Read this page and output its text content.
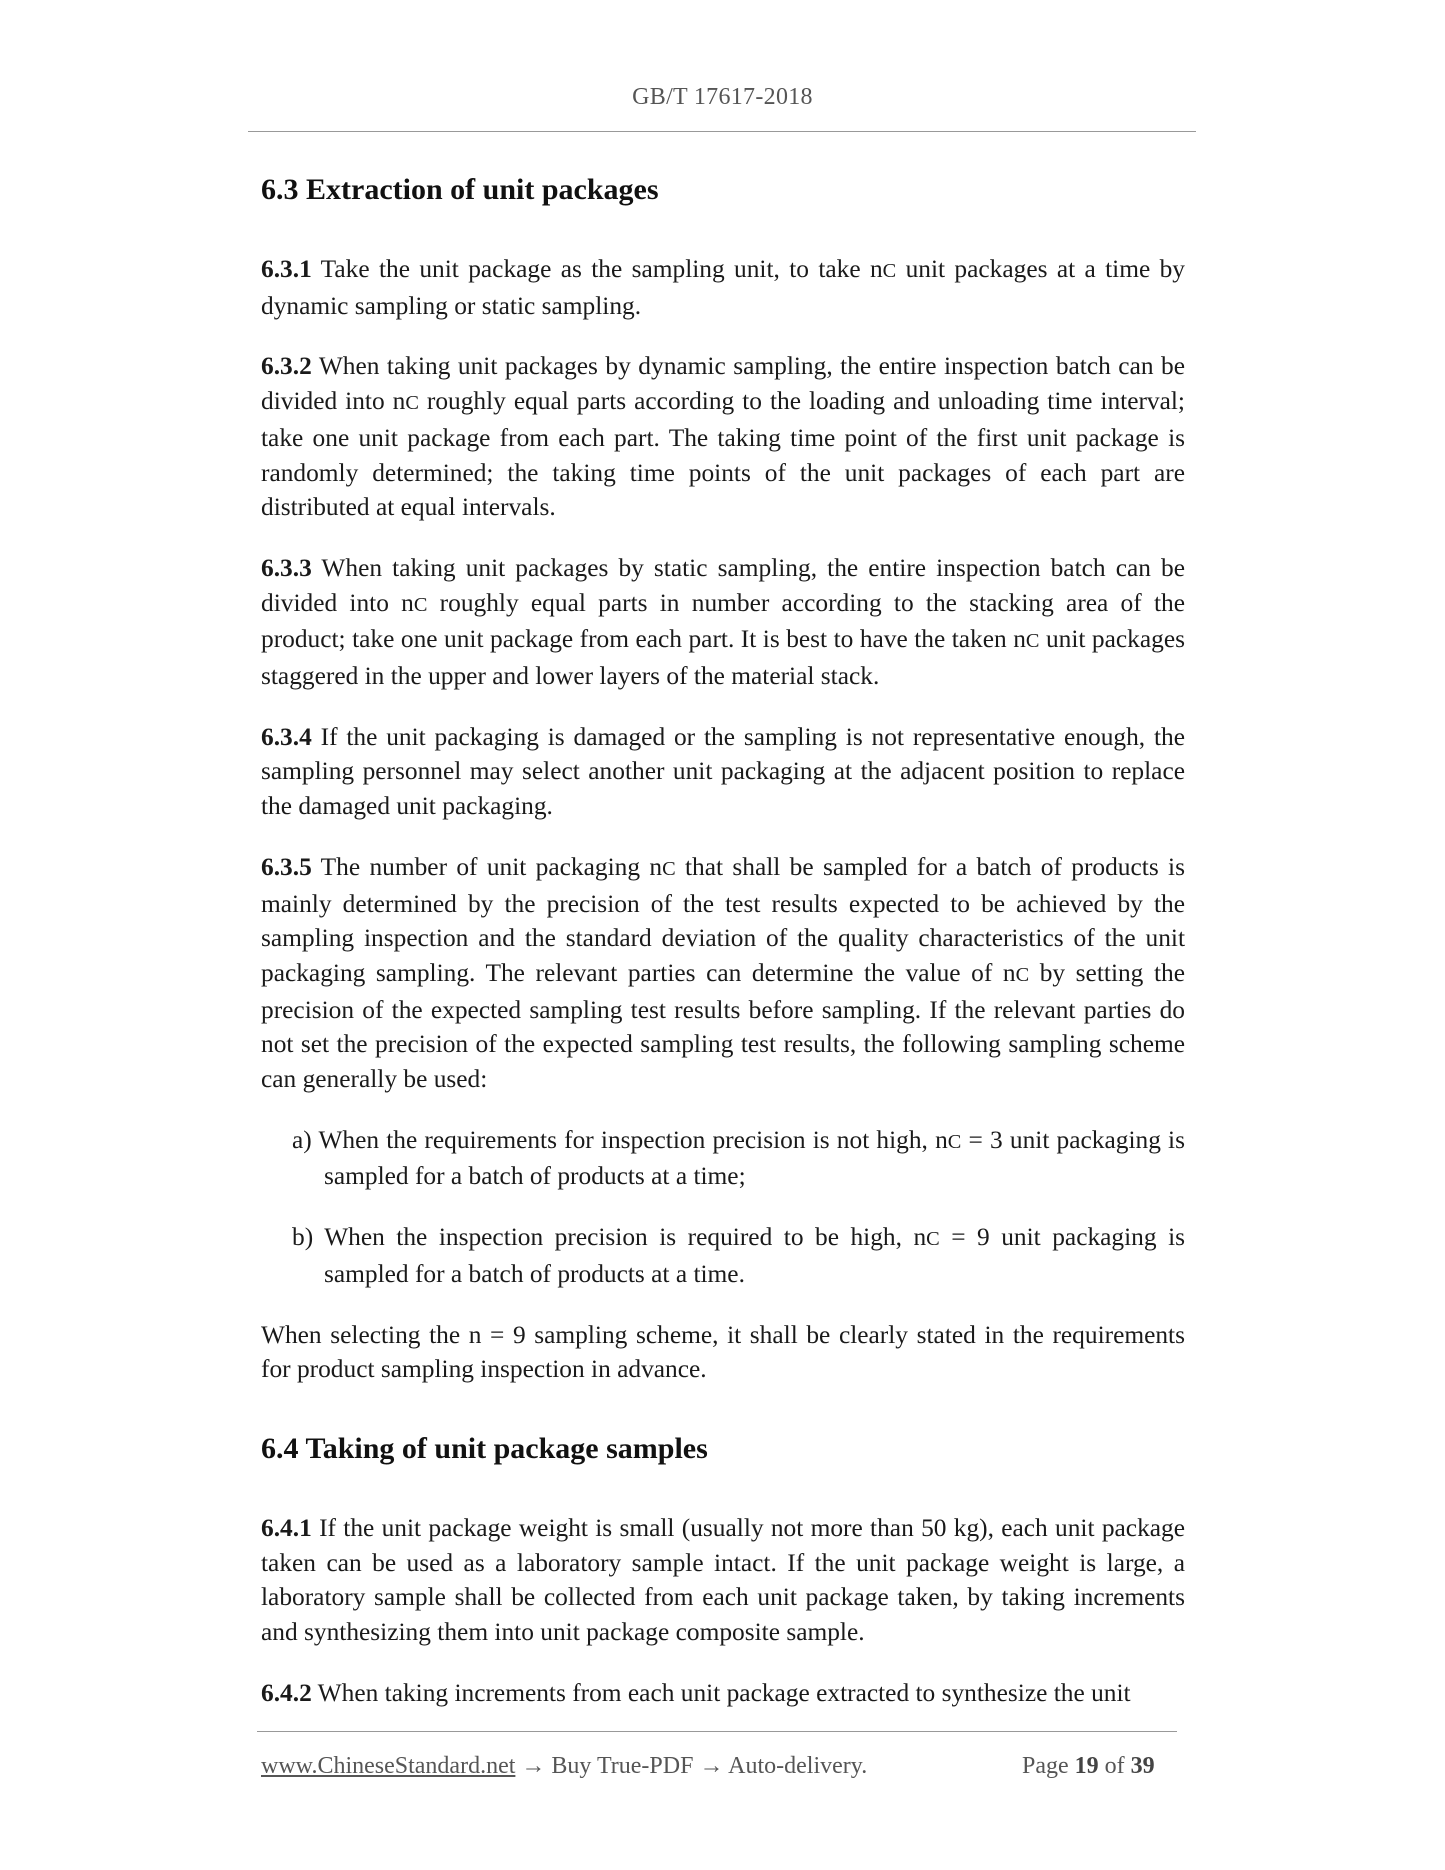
GB/T 17617-2018
6.3 Extraction of unit packages

6.3.1 Take the unit package as the sampling unit, to take nC unit packages at a time by dynamic sampling or static sampling.

6.3.2 When taking unit packages by dynamic sampling, the entire inspection batch can be divided into nC roughly equal parts according to the loading and unloading time interval; take one unit package from each part. The taking time point of the first unit package is randomly determined; the taking time points of the unit packages of each part are distributed at equal intervals.

6.3.3 When taking unit packages by static sampling, the entire inspection batch can be divided into nC roughly equal parts in number according to the stacking area of the product; take one unit package from each part. It is best to have the taken nC unit packages staggered in the upper and lower layers of the material stack.

6.3.4 If the unit packaging is damaged or the sampling is not representative enough, the sampling personnel may select another unit packaging at the adjacent position to replace the damaged unit packaging.

6.3.5 The number of unit packaging nC that shall be sampled for a batch of products is mainly determined by the precision of the test results expected to be achieved by the sampling inspection and the standard deviation of the quality characteristics of the unit packaging sampling. The relevant parties can determine the value of nC by setting the precision of the expected sampling test results before sampling. If the relevant parties do not set the precision of the expected sampling test results, the following sampling scheme can generally be used:

a) When the requirements for inspection precision is not high, nC = 3 unit packaging is sampled for a batch of products at a time;

b) When the inspection precision is required to be high, nC = 9 unit packaging is sampled for a batch of products at a time.

When selecting the n = 9 sampling scheme, it shall be clearly stated in the requirements for product sampling inspection in advance.

6.4 Taking of unit package samples

6.4.1 If the unit package weight is small (usually not more than 50 kg), each unit package taken can be used as a laboratory sample intact. If the unit package weight is large, a laboratory sample shall be collected from each unit package taken, by taking increments and synthesizing them into unit package composite sample.

6.4.2 When taking increments from each unit package extracted to synthesize the unit

www.ChineseStandard.net → Buy True-PDF → Auto-delivery.	Page 19 of 39
